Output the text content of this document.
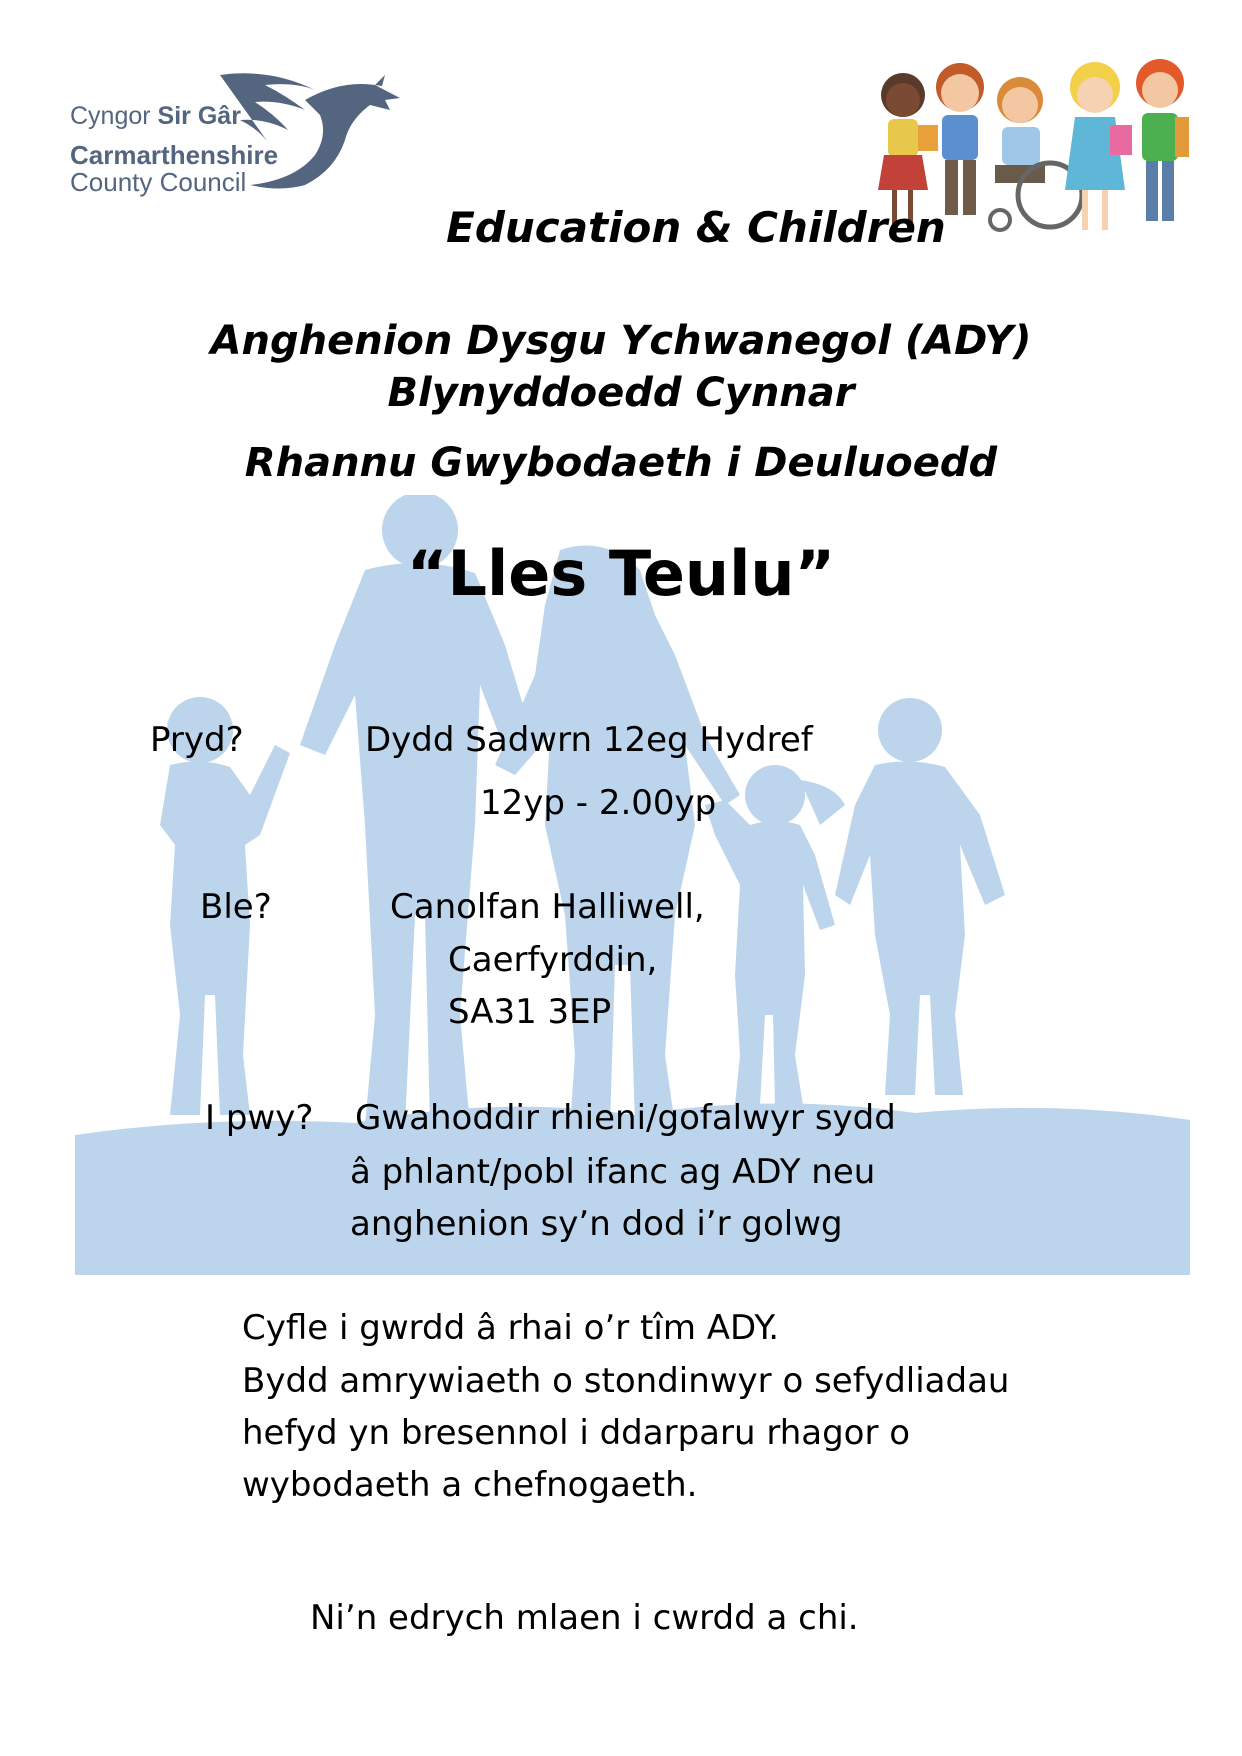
Cyngor Sir Gâr
Carmarthenshire
County Council
Education & Children
Anghenion Dysgu Ychwanegol (ADY)
Blynyddoedd Cynnar
Rhannu Gwybodaeth i Deuluoedd
“Lles Teulu”
Pryd?	Dydd Sadwrn 12eg Hydref
12yp - 2.00yp
Ble?	Canolfan Halliwell,
Caerfyrddin,
SA31 3EP
I pwy? Gwahoddir rhieni/gofalwyr sydd
â phlant/pobl ifanc ag ADY neu
anghenion sy’n dod i’r golwg
Cyfle i gwrdd â rhai o’r tîm ADY.
Bydd amrywiaeth o stondinwyr o sefydliadau
hefyd yn bresennol i ddarparu rhagor o
wybodaeth a chefnogaeth.
Ni’n edrych mlaen i cwrdd a chi.
